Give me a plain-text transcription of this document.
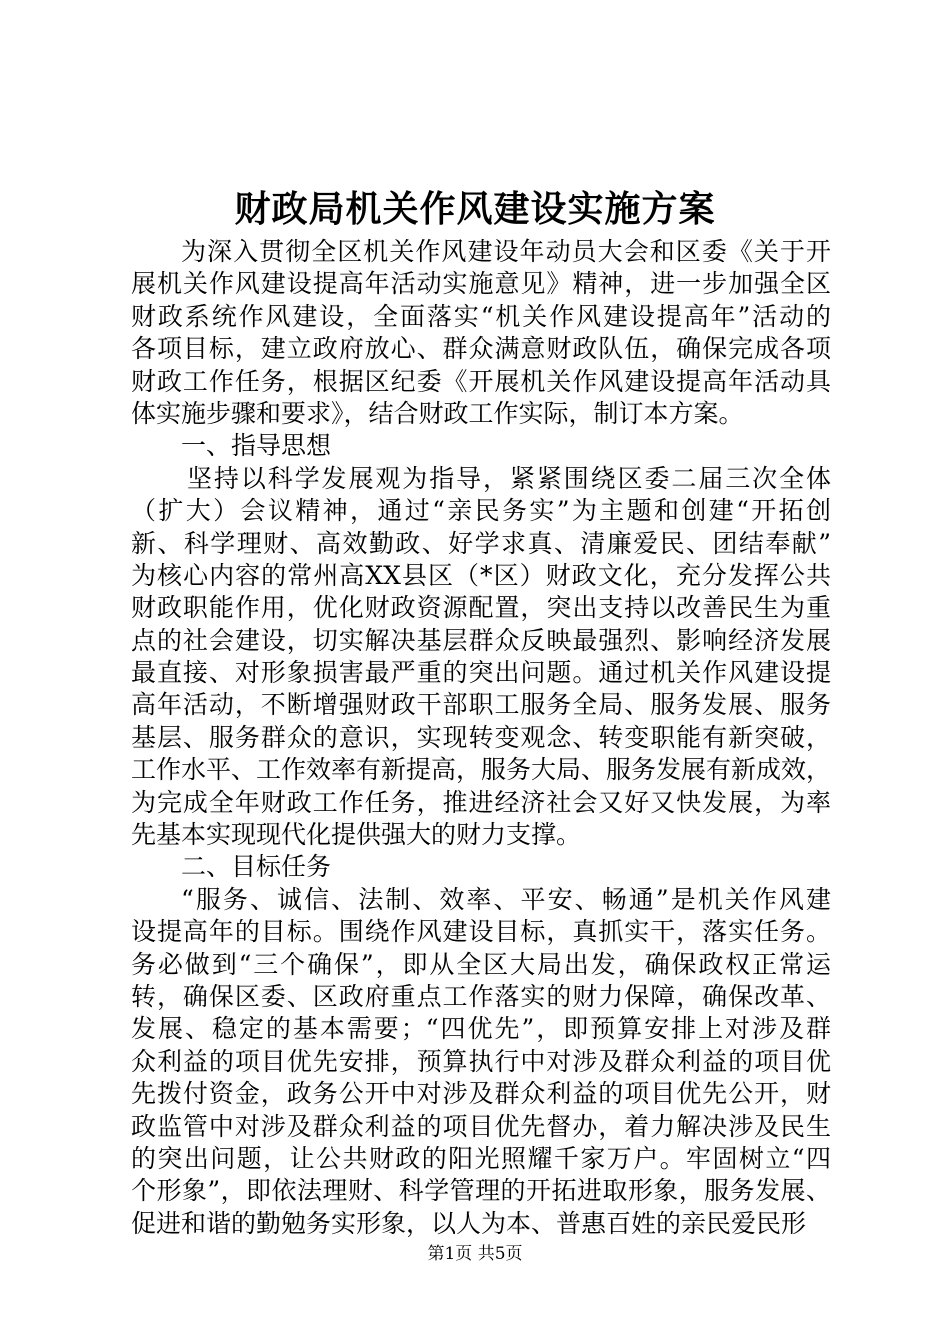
财政局机关作风建设实施方案
为深入贯彻全区机关作风建设年动员大会和区委《关于开
展机关作风建设提高年活动实施意见》精神，进一步加强全区
财政系统作风建设，全面落实“机关作风建设提高年”活动的
各项目标，建立政府放心、群众满意财政队伍，确保完成各项
财政工作任务，根据区纪委《开展机关作风建设提高年活动具
体实施步骤和要求》，结合财政工作实际，制订本方案。
一、指导思想
坚持以科学发展观为指导，紧紧围绕区委二届三次全体
（扩大）会议精神，通过“亲民务实”为主题和创建“开拓创
新、科学理财、高效勤政、好学求真、清廉爱民、团结奉献”
为核心内容的常州高XX县区（*区）财政文化，充分发挥公共
财政职能作用，优化财政资源配置，突出支持以改善民生为重
点的社会建设，切实解决基层群众反映最强烈、影响经济发展
最直接、对形象损害最严重的突出问题。通过机关作风建设提
高年活动，不断增强财政干部职工服务全局、服务发展、服务
基层、服务群众的意识，实现转变观念、转变职能有新突破，
工作水平、工作效率有新提高，服务大局、服务发展有新成效，
为完成全年财政工作任务，推进经济社会又好又快发展，为率
先基本实现现代化提供强大的财力支撑。
二、目标任务
“服务、诚信、法制、效率、平安、畅通”是机关作风建
设提高年的目标。围绕作风建设目标，真抓实干，落实任务。
务必做到“三个确保”，即从全区大局出发，确保政权正常运
转，确保区委、区政府重点工作落实的财力保障，确保改革、
发展、稳定的基本需要；“四优先”，即预算安排上对涉及群
众利益的项目优先安排，预算执行中对涉及群众利益的项目优
先拨付资金，政务公开中对涉及群众利益的项目优先公开，财
政监管中对涉及群众利益的项目优先督办，着力解决涉及民生
的突出问题，让公共财政的阳光照耀千家万户。牢固树立“四
个形象”，即依法理财、科学管理的开拓进取形象，服务发展、
促进和谐的勤勉务实形象，以人为本、普惠百姓的亲民爱民形
第1页 共5页
